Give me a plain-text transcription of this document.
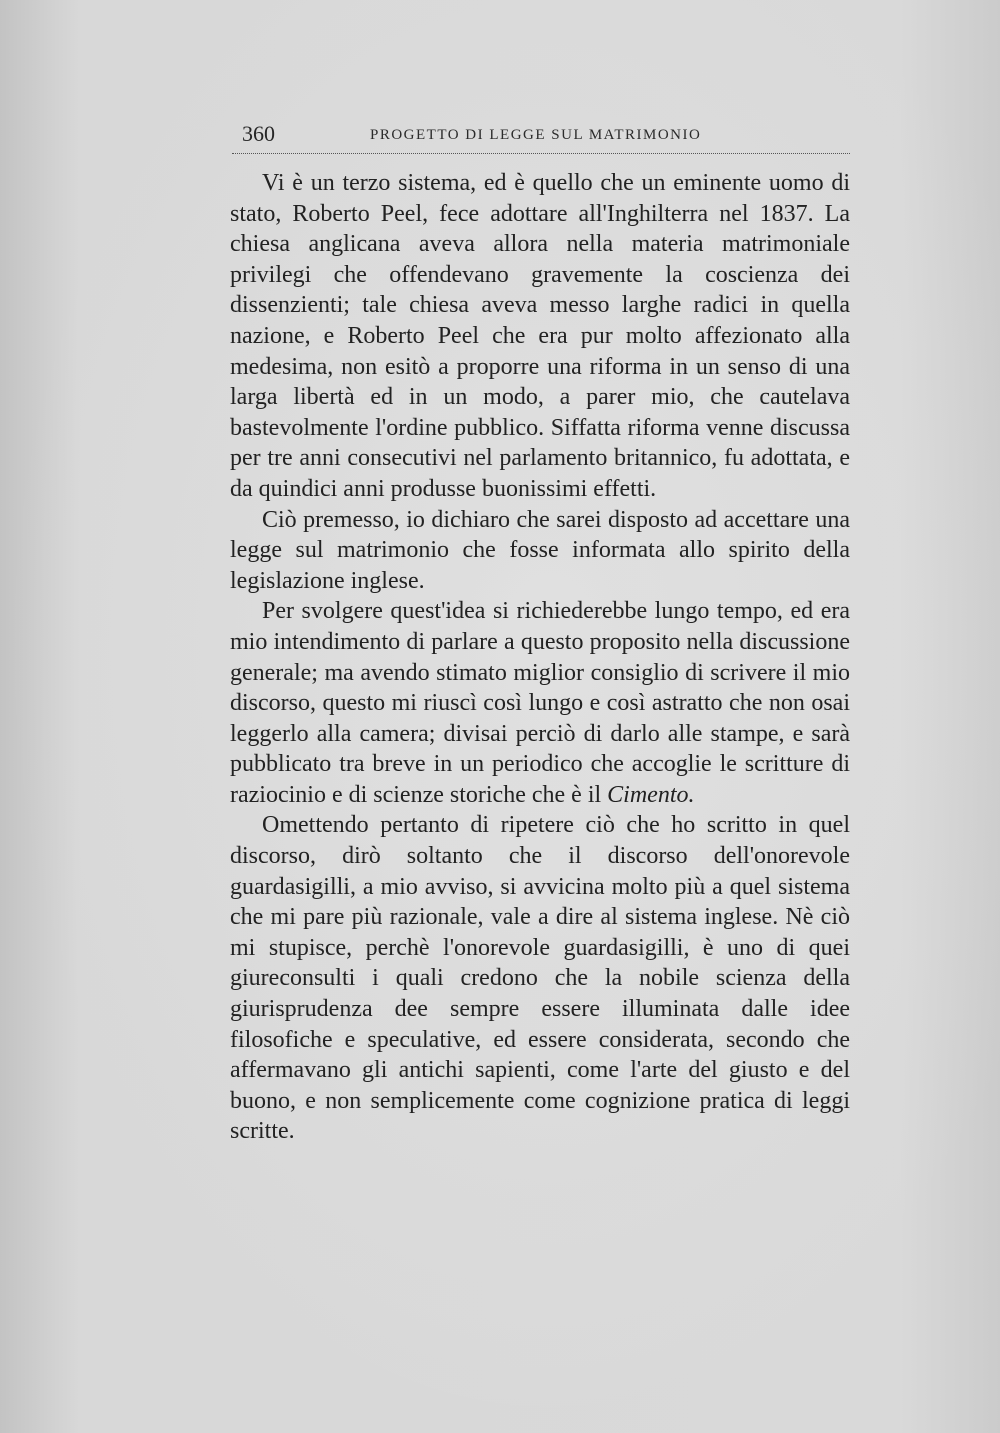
360	PROGETTO DI LEGGE SUL MATRIMONIO

Vi è un terzo sistema, ed è quello che un eminente uomo di stato, Roberto Peel, fece adottare all'Inghilterra nel 1837. La chiesa anglicana aveva allora nella materia matrimoniale privilegi che offendevano gravemente la coscienza dei dissenzienti; tale chiesa aveva messo larghe radici in quella nazione, e Roberto Peel che era pur molto affezionato alla medesima, non esitò a proporre una riforma in un senso di una larga libertà ed in un modo, a parer mio, che cautelava bastevolmente l'ordine pubblico. Siffatta riforma venne discussa per tre anni consecutivi nel parlamento britannico, fu adottata, e da quindici anni produsse buonissimi effetti.

Ciò premesso, io dichiaro che sarei disposto ad accettare una legge sul matrimonio che fosse informata allo spirito della legislazione inglese.

Per svolgere quest'idea si richiederebbe lungo tempo, ed era mio intendimento di parlare a questo proposito nella discussione generale; ma avendo stimato miglior consiglio di scrivere il mio discorso, questo mi riuscì così lungo e così astratto che non osai leggerlo alla camera; divisai perciò di darlo alle stampe, e sarà pubblicato tra breve in un periodico che accoglie le scritture di raziocinio e di scienze storiche che è il Cimento.

Omettendo pertanto di ripetere ciò che ho scritto in quel discorso, dirò soltanto che il discorso dell'onorevole guardasigilli, a mio avviso, si avvicina molto più a quel sistema che mi pare più razionale, vale a dire al sistema inglese. Nè ciò mi stupisce, perchè l'onorevole guardasigilli, è uno di quei giureconsulti i quali credono che la nobile scienza della giurisprudenza dee sempre essere illuminata dalle idee filosofiche e speculative, ed essere considerata, secondo che affermavano gli antichi sapienti, come l'arte del giusto e del buono, e non semplicemente come cognizione pratica di leggi scritte.
